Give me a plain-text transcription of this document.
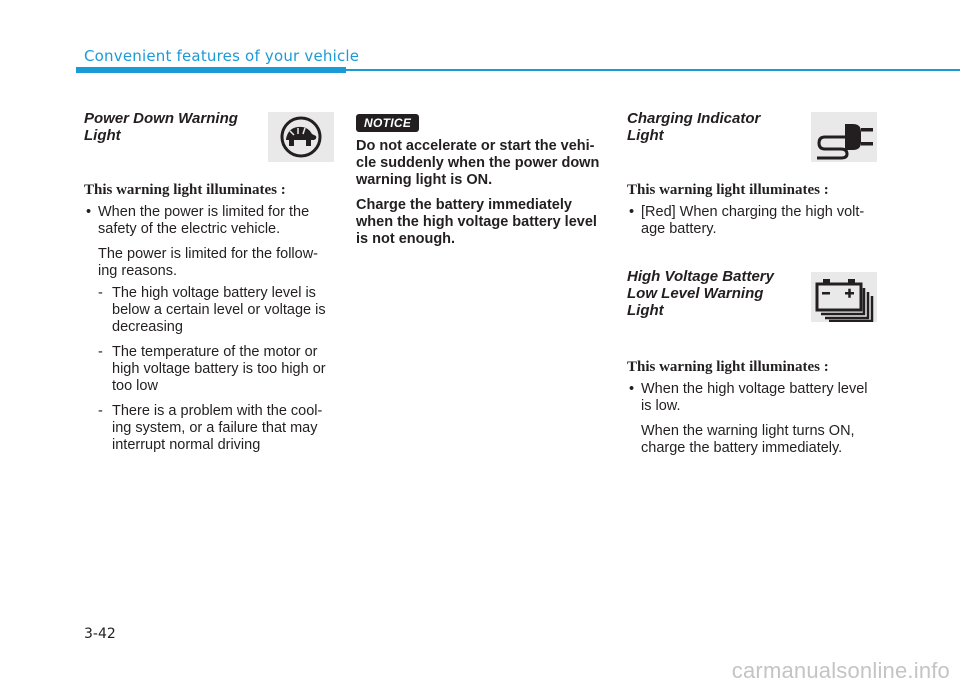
Convenient features of your vehicle
Power Down Warning
Light

This warning light illuminates :

• When the power is limited for the safety of the electric vehicle.

The power is limited for the follow- ing reasons.

- The high voltage battery level is below a certain level or voltage is decreasing

- The temperature of the motor or high voltage battery is too high or too low

- There is a problem with the cool- ing system, or a failure that may interrupt normal driving

NOTICE

Do not accelerate or start the vehi- cle suddenly when the power down warning light is ON.

Charge the battery immediately when the high voltage battery level is not enough.

Charging Indicator
Light

This warning light illuminates :

• [Red] When charging the high volt- age battery.

High Voltage Battery
Low Level Warning
Light

This warning light illuminates :

• When the high voltage battery level is low.

When the warning light turns ON, charge the battery immediately.

3-42
carmanualsonline.info
